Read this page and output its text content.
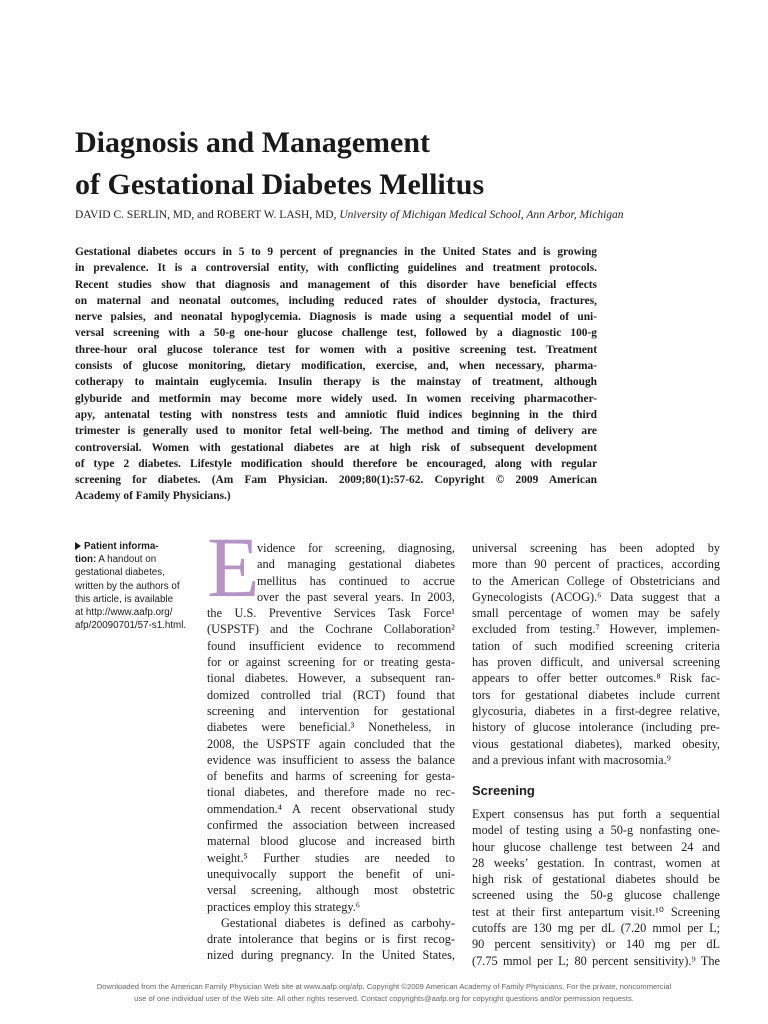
Diagnosis and Management
of Gestational Diabetes Mellitus
DAVID C. SERLIN, MD, and ROBERT W. LASH, MD, University of Michigan Medical School, Ann Arbor, Michigan
Gestational diabetes occurs in 5 to 9 percent of pregnancies in the United States and is growing
in prevalence. It is a controversial entity, with conflicting guidelines and treatment protocols.
Recent studies show that diagnosis and management of this disorder have beneficial effects
on maternal and neonatal outcomes, including reduced rates of shoulder dystocia, fractures,
nerve palsies, and neonatal hypoglycemia. Diagnosis is made using a sequential model of uni-
versal screening with a 50-g one-hour glucose challenge test, followed by a diagnostic 100-g
three-hour oral glucose tolerance test for women with a positive screening test. Treatment
consists of glucose monitoring, dietary modification, exercise, and, when necessary, pharma-
cotherapy to maintain euglycemia. Insulin therapy is the mainstay of treatment, although
glyburide and metformin may become more widely used. In women receiving pharmacother-
apy, antenatal testing with nonstress tests and amniotic fluid indices beginning in the third
trimester is generally used to monitor fetal well-being. The method and timing of delivery are
controversial. Women with gestational diabetes are at high risk of subsequent development
of type 2 diabetes. Lifestyle modification should therefore be encouraged, along with regular
screening for diabetes. (Am Fam Physician. 2009;80(1):57-62. Copyright © 2009 American
Academy of Family Physicians.)
Patient informa-
tion: A handout on
gestational diabetes,
written by the authors of
this article, is available
at http://www.aafp.org/
afp/20090701/57-s1.html.
E
vidence for screening, diagnosing,
and managing gestational diabetes
mellitus has continued to accrue
over the past several years. In 2003,
the U.S. Preventive Services Task Force¹
(USPSTF) and the Cochrane Collaboration²
found insufficient evidence to recommend
for or against screening for or treating gesta-
tional diabetes. However, a subsequent ran-
domized controlled trial (RCT) found that
screening and intervention for gestational
diabetes were beneficial.³ Nonetheless, in
2008, the USPSTF again concluded that the
evidence was insufficient to assess the balance
of benefits and harms of screening for gesta-
tional diabetes, and therefore made no rec-
ommendation.⁴ A recent observational study
confirmed the association between increased
maternal blood glucose and increased birth
weight.⁵ Further studies are needed to
unequivocally support the benefit of uni-
versal screening, although most obstetric
practices employ this strategy.⁶
Gestational diabetes is defined as carbohy-
drate intolerance that begins or is first recog-
nized during pregnancy. In the United States,
universal screening has been adopted by
more than 90 percent of practices, according
to the American College of Obstetricians and
Gynecologists (ACOG).⁶ Data suggest that a
small percentage of women may be safely
excluded from testing.⁷ However, implemen-
tation of such modified screening criteria
has proven difficult, and universal screening
appears to offer better outcomes.⁸ Risk fac-
tors for gestational diabetes include current
glycosuria, diabetes in a first-degree relative,
history of glucose intolerance (including pre-
vious gestational diabetes), marked obesity,
and a previous infant with macrosomia.⁹
Screening
Expert consensus has put forth a sequential
model of testing using a 50-g nonfasting one-
hour glucose challenge test between 24 and
28 weeks’ gestation. In contrast, women at
high risk of gestational diabetes should be
screened using the 50-g glucose challenge
test at their first antepartum visit.¹⁰ Screening
cutoffs are 130 mg per dL (7.20 mmol per L;
90 percent sensitivity) or 140 mg per dL
(7.75 mmol per L; 80 percent sensitivity).⁹ The
Downloaded from the American Family Physician Web site at www.aafp.org/afp. Copyright ©2009 American Academy of Family Physicians. For the private, noncommercial
use of one individual user of the Web site. All other rights reserved. Contact copyrights@aafp.org for copyright questions and/or permission requests.
